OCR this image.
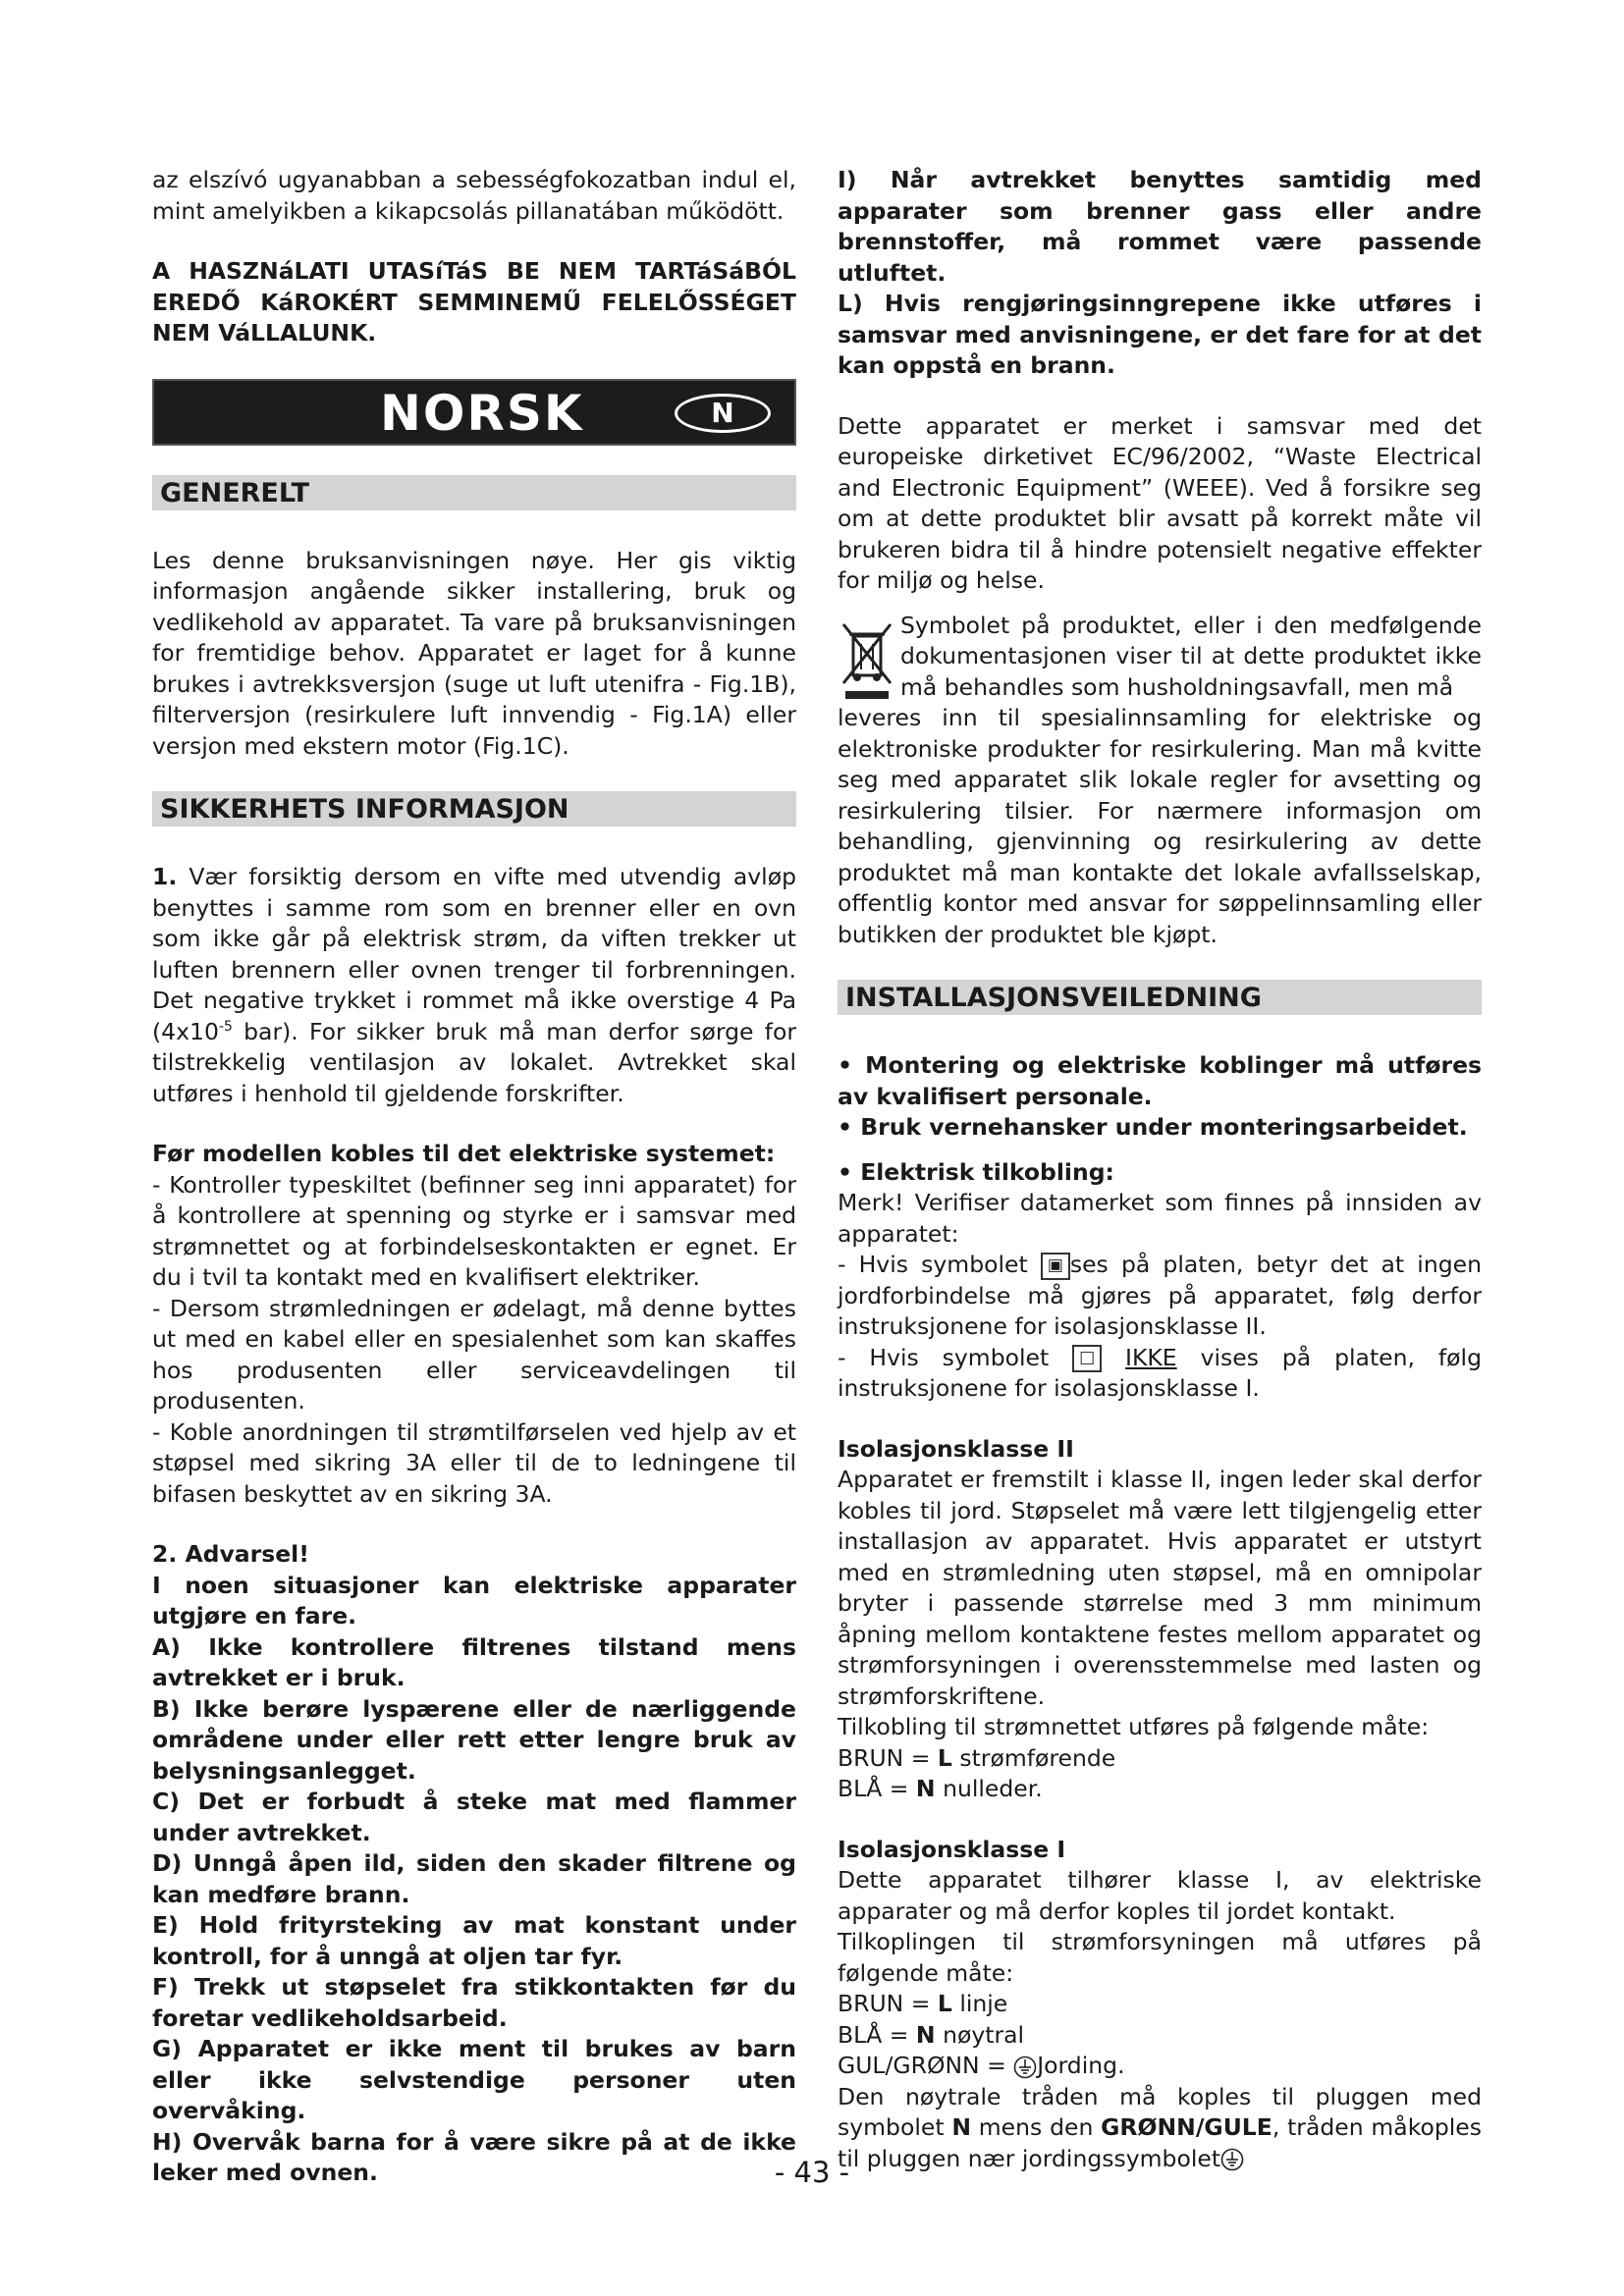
az elszívó ugyanabban a sebességfokozatban indul el, mint amelyikben a kikapcsolás pillanatában működött.

A HASZNáLATI UTASíTáS BE NEM TARTáSáBÓL EREDŐ KáROKÉRT SEMMINEMŰ FELELŐSSÉGET NEM VáLLALUNK.

NORSK	N
GENERELT

Les denne bruksanvisningen nøye. Her gis viktig informasjon angående sikker installering, bruk og vedlikehold av apparatet. Ta vare på bruksanvisningen for fremtidige behov. Apparatet er laget for å kunne brukes i avtrekksversjon (suge ut luft utenifra - Fig.1B), filterversjon (resirkulere luft innvendig - Fig.1A) eller versjon med ekstern motor (Fig.1C).

SIKKERHETS INFORMASJON

1. Vær forsiktig dersom en vifte med utvendig avløp benyttes i samme rom som en brenner eller en ovn som ikke går på elektrisk strøm, da viften trekker ut luften brennern eller ovnen trenger til forbrenningen. Det negative trykket i rommet må ikke overstige 4 Pa ($4x10^{-5}$ bar). For sikker bruk må man derfor sørge for tilstrekkelig ventilasjon av lokalet. Avtrekket skal utføres i henhold til gjeldende forskrifter.

Før modellen kobles til det elektriske systemet:

- Kontroller typeskiltet (befinner seg inni apparatet) for å kontrollere at spenning og styrke er i samsvar med strømnettet og at forbindelseskontakten er egnet. Er du i tvil ta kontakt med en kvalifisert elektriker.

- Dersom strømledningen er ødelagt, må denne byttes ut med en kabel eller en spesialenhet som kan skaffes hos produsenten eller serviceavdelingen til produsenten.

- Koble anordningen til strømtilførselen ved hjelp av et støpsel med sikring 3A eller til de to ledningene til bifasen beskyttet av en sikring 3A.

2. Advarsel!

I noen situasjoner kan elektriske apparater utgjøre en fare.

A) Ikke kontrollere filtrenes tilstand mens avtrekket er i bruk.

B) Ikke berøre lyspærene eller de nærliggende områdene under eller rett etter lengre bruk av belysningsanlegget.

C) Det er forbudt å steke mat med flammer under avtrekket.

D) Unngå åpen ild, siden den skader filtrene og kan medføre brann.

E) Hold frityrsteking av mat konstant under kontroll, for å unngå at oljen tar fyr.

F) Trekk ut støpselet fra stikkontakten før du foretar vedlikeholdsarbeid.

G) Apparatet er ikke ment til brukes av barn eller ikke selvstendige personer uten overvåking.

H) Overvåk barna for å være sikre på at de ikke leker med ovnen.

I) Når avtrekket benyttes samtidig med apparater som brenner gass eller andre brennstoffer, må rommet være passende utluftet.

L) Hvis rengjøringsinngrepene ikke utføres i samsvar med anvisningene, er det fare for at det kan oppstå en brann.

Dette apparatet er merket i samsvar med det europeiske dirketivet EC/96/2002, “Waste Electrical and Electronic Equipment” (WEEE). Ved å forsikre seg om at dette produktet blir avsatt på korrekt måte vil brukeren bidra til å hindre potensielt negative effekter for miljø og helse.

Symbolet på produktet, eller i den medfølgende dokumentasjonen viser til at dette produktet ikke må behandles som husholdningsavfall, men må

leveres inn til spesialinnsamling for elektriske og elektroniske produkter for resirkulering. Man må kvitte seg med apparatet slik lokale regler for avsetting og resirkulering tilsier. For nærmere informasjon om behandling, gjenvinning og resirkulering av dette produktet må man kontakte det lokale avfallsselskap, offentlig kontor med ansvar for søppelinnsamling eller butikken der produktet ble kjøpt.

INSTALLASJONSVEILEDNING

• Montering og elektriske koblinger må utføres av kvalifisert personale.

• Bruk vernehansker under monteringsarbeidet.

• Elektrisk tilkobling:

Merk! Verifiser datamerket som finnes på innsiden av apparatet:

- Hvis symbolet ▣ ses på platen, betyr det at ingen jordforbindelse må gjøres på apparatet, følg derfor instruksjonene for isolasjonsklasse II.

- Hvis symbolet □ IKKE vises på platen, følg instruksjonene for isolasjonsklasse I.

Isolasjonsklasse II

Apparatet er fremstilt i klasse II, ingen leder skal derfor kobles til jord. Støpselet må være lett tilgjengelig etter installasjon av apparatet. Hvis apparatet er utstyrt med en strømledning uten støpsel, må en omnipolar bryter i passende størrelse med 3 mm minimum åpning mellom kontaktene festes mellom apparatet og strømforsyningen i overensstemmelse med lasten og strømforskriftene.

Tilkobling til strømnettet utføres på følgende måte:

BRUN = L strømførende

BLÅ = N nulleder.

Isolasjonsklasse I

Dette apparatet tilhører klasse I, av elektriske apparater og må derfor koples til jordet kontakt.

Tilkoplingen til strømforsyningen må utføres på følgende måte:

BRUN = L linje

BLÅ = N nøytral

GUL/GRØNN = Jording.

Den nøytrale tråden må koples til pluggen med symbolet N mens den GRØNN/GULE, tråden måkoples til pluggen nær jordingssymbolet

- 43 -
